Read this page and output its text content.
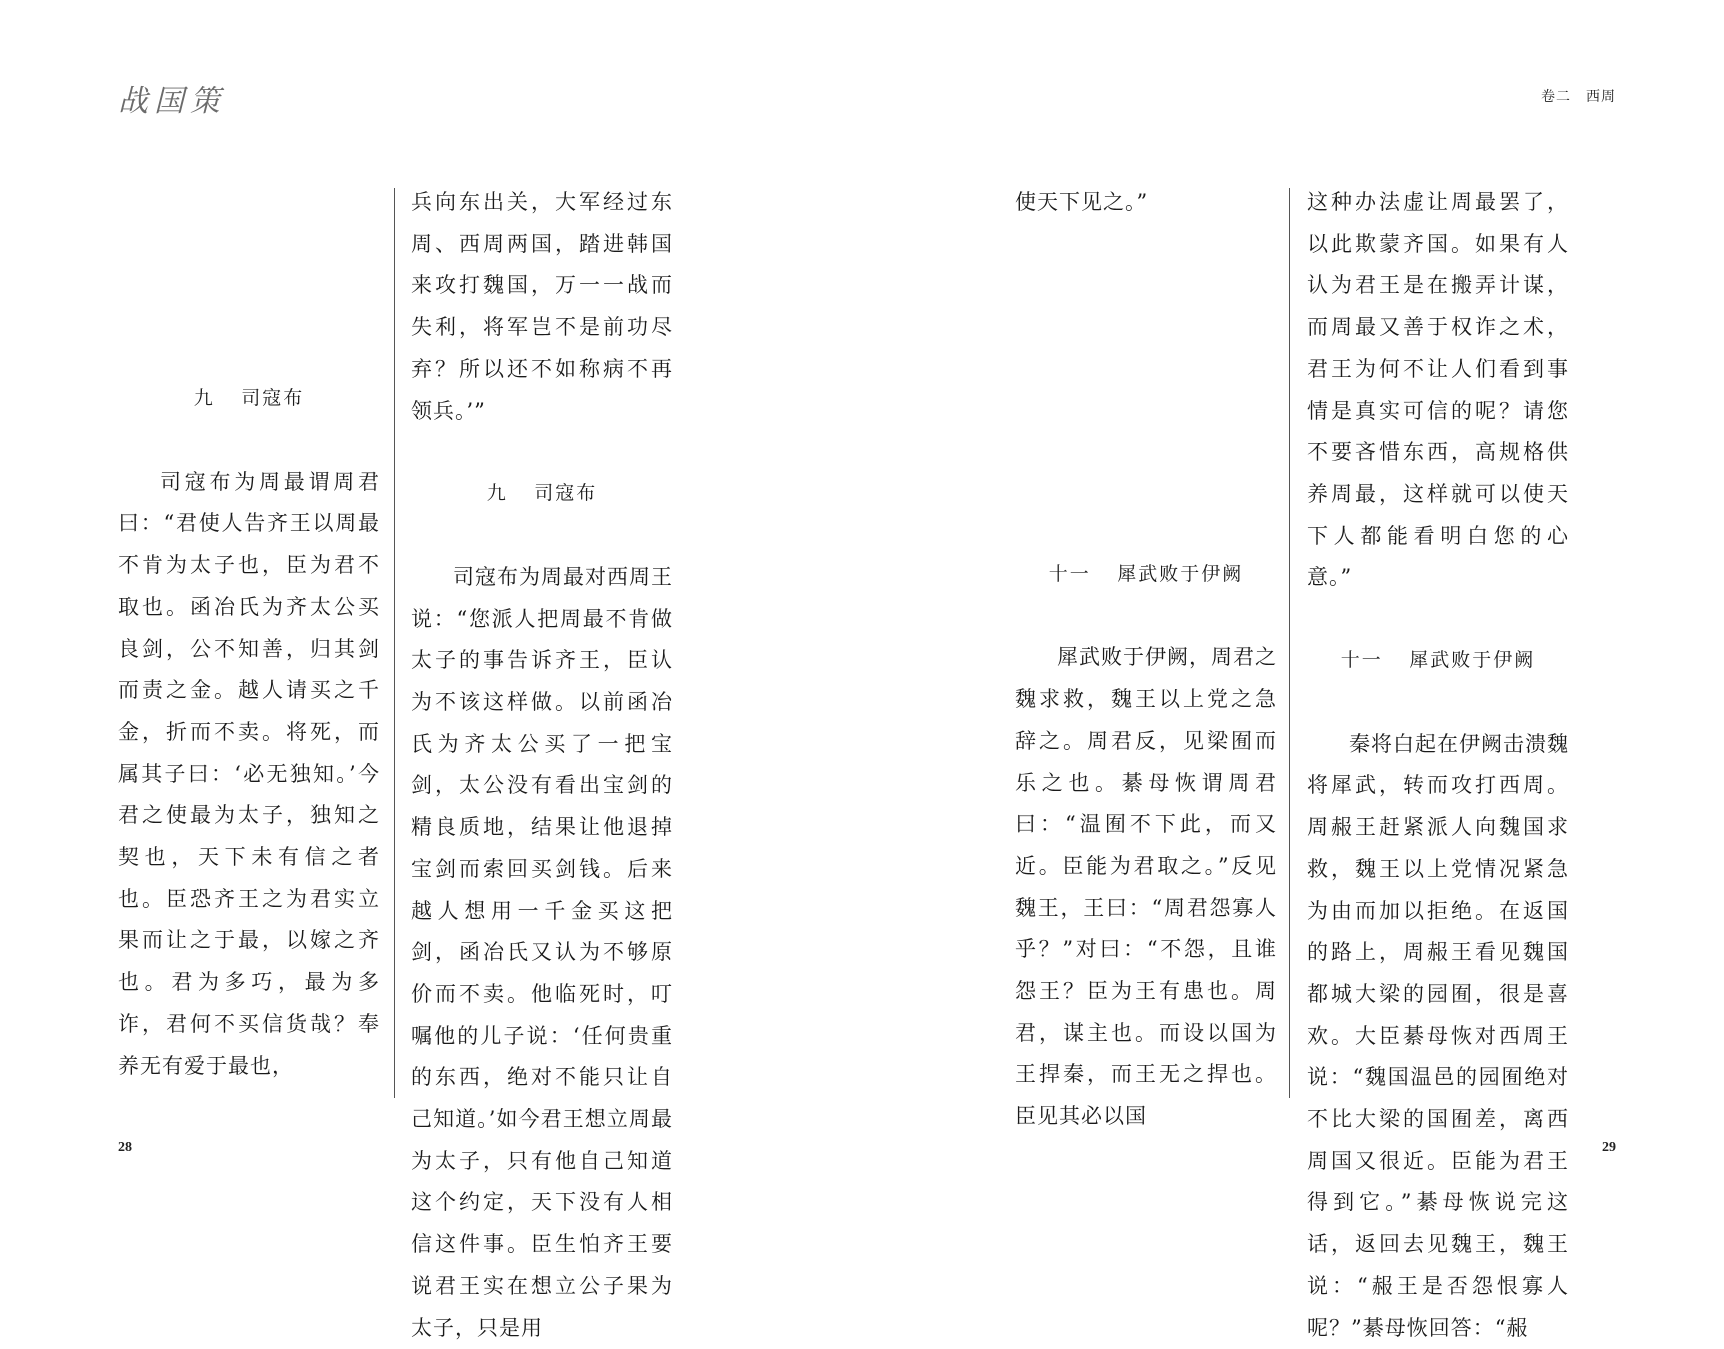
战国策	卷二　西周
九 司寇布

司寇布为周最谓周君曰：“君使人告齐王以周最不肯为太子也，臣为君不取也。函冶氏为齐太公买良剑，公不知善，归其剑而责之金。越人请买之千金，折而不卖。将死，而属其子曰：‘必无独知。’今君之使最为太子，独知之契也，天下未有信之者也。臣恐齐王之为君实立果而让之于最，以嫁之齐也。君为多巧，最为多诈，君何不买信货哉？奉养无有爱于最也，

兵向东出关，大军经过东周、西周两国，踏进韩国来攻打魏国，万一一战而失利，将军岂不是前功尽弃？所以还不如称病不再领兵。’”

九 司寇布

司寇布为周最对西周王说：“您派人把周最不肯做太子的事告诉齐王，臣认为不该这样做。以前函冶氏为齐太公买了一把宝剑，太公没有看出宝剑的精良质地，结果让他退掉宝剑而索回买剑钱。后来越人想用一千金买这把剑，函冶氏又认为不够原价而不卖。他临死时，叮嘱他的儿子说：‘任何贵重的东西，绝对不能只让自己知道。’如今君王想立周最为太子，只有他自己知道这个约定，天下没有人相信这件事。臣生怕齐王要说君王实在想立公子果为太子，只是用

使天下见之。”

十一 犀武败于伊阙

犀武败于伊阙，周君之魏求救，魏王以上党之急辞之。周君反，见梁囿而乐之也。綦母恢谓周君曰：“温囿不下此，而又近。臣能为君取之。”反见魏王，王曰：“周君怨寡人乎？”对曰：“不怨，且谁怨王？臣为王有患也。周君，谋主也。而设以国为王捍秦，而王无之捍也。臣见其必以国

这种办法虚让周最罢了，以此欺蒙齐国。如果有人认为君王是在搬弄计谋，而周最又善于权诈之术，君王为何不让人们看到事情是真实可信的呢？请您不要吝惜东西，高规格供养周最，这样就可以使天下人都能看明白您的心意。”

十一 犀武败于伊阙

秦将白起在伊阙击溃魏将犀武，转而攻打西周。周赧王赶紧派人向魏国求救，魏王以上党情况紧急为由而加以拒绝。在返国的路上，周赧王看见魏国都城大梁的园囿，很是喜欢。大臣綦母恢对西周王说：“魏国温邑的园囿绝对不比大梁的国囿差，离西周国又很近。臣能为君王得到它。”綦母恢说完这话，返回去见魏王，魏王说：“赧王是否怨恨寡人呢？”綦母恢回答：“赧

28	29
